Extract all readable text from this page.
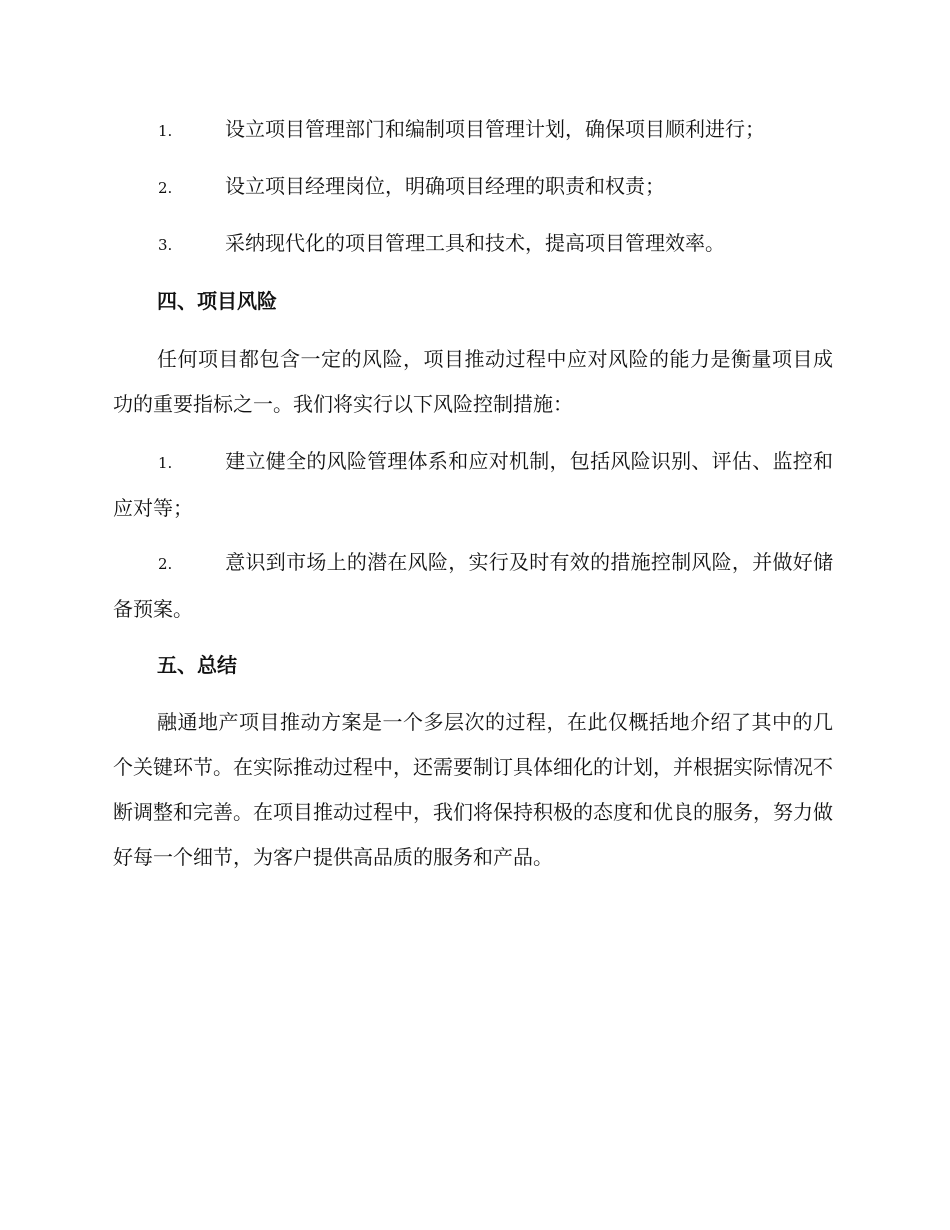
1.	设立项目管理部门和编制项目管理计划，确保项目顺利进行；
2.	设立项目经理岗位，明确项目经理的职责和权责；
3.	采纳现代化的项目管理工具和技术，提高项目管理效率。
四、项目风险
任何项目都包含一定的风险，项目推动过程中应对风险的能力是衡量项目成功的重要指标之一。我们将实行以下风险控制措施：
1.	建立健全的风险管理体系和应对机制，包括风险识别、评估、监控和应对等；
2.	意识到市场上的潜在风险，实行及时有效的措施控制风险，并做好储备预案。
五、总结
融通地产项目推动方案是一个多层次的过程，在此仅概括地介绍了其中的几个关键环节。在实际推动过程中，还需要制订具体细化的计划，并根据实际情况不断调整和完善。在项目推动过程中，我们将保持积极的态度和优良的服务，努力做好每一个细节，为客户提供高品质的服务和产品。
